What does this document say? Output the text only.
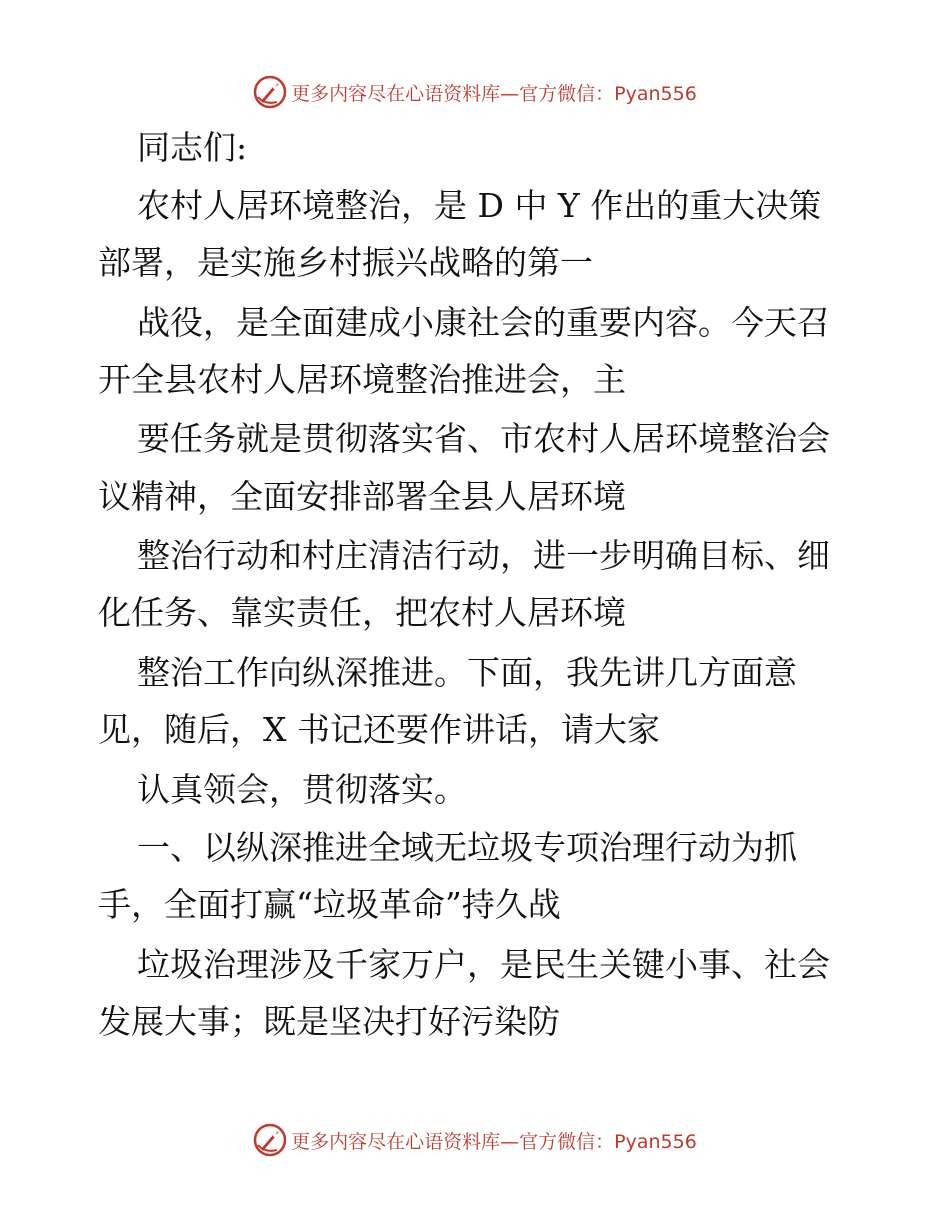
更多内容尽在心语资料库—官方微信：Pyan556
同志们:
农村人居环境整治，是 D 中 Y 作出的重大决策
部署，是实施乡村振兴战略的第一
战役，是全面建成小康社会的重要内容。今天召
开全县农村人居环境整治推进会，主
要任务就是贯彻落实省、市农村人居环境整治会
议精神，全面安排部署全县人居环境
整治行动和村庄清洁行动，进一步明确目标、细
化任务、靠实责任，把农村人居环境
整治工作向纵深推进。下面，我先讲几方面意
见，随后，X 书记还要作讲话，请大家
认真领会，贯彻落实。
一、以纵深推进全域无垃圾专项治理行动为抓
手，全面打赢“垃圾革命”持久战
垃圾治理涉及千家万户，是民生关键小事、社会
发展大事；既是坚决打好污染防
更多内容尽在心语资料库—官方微信：Pyan556
